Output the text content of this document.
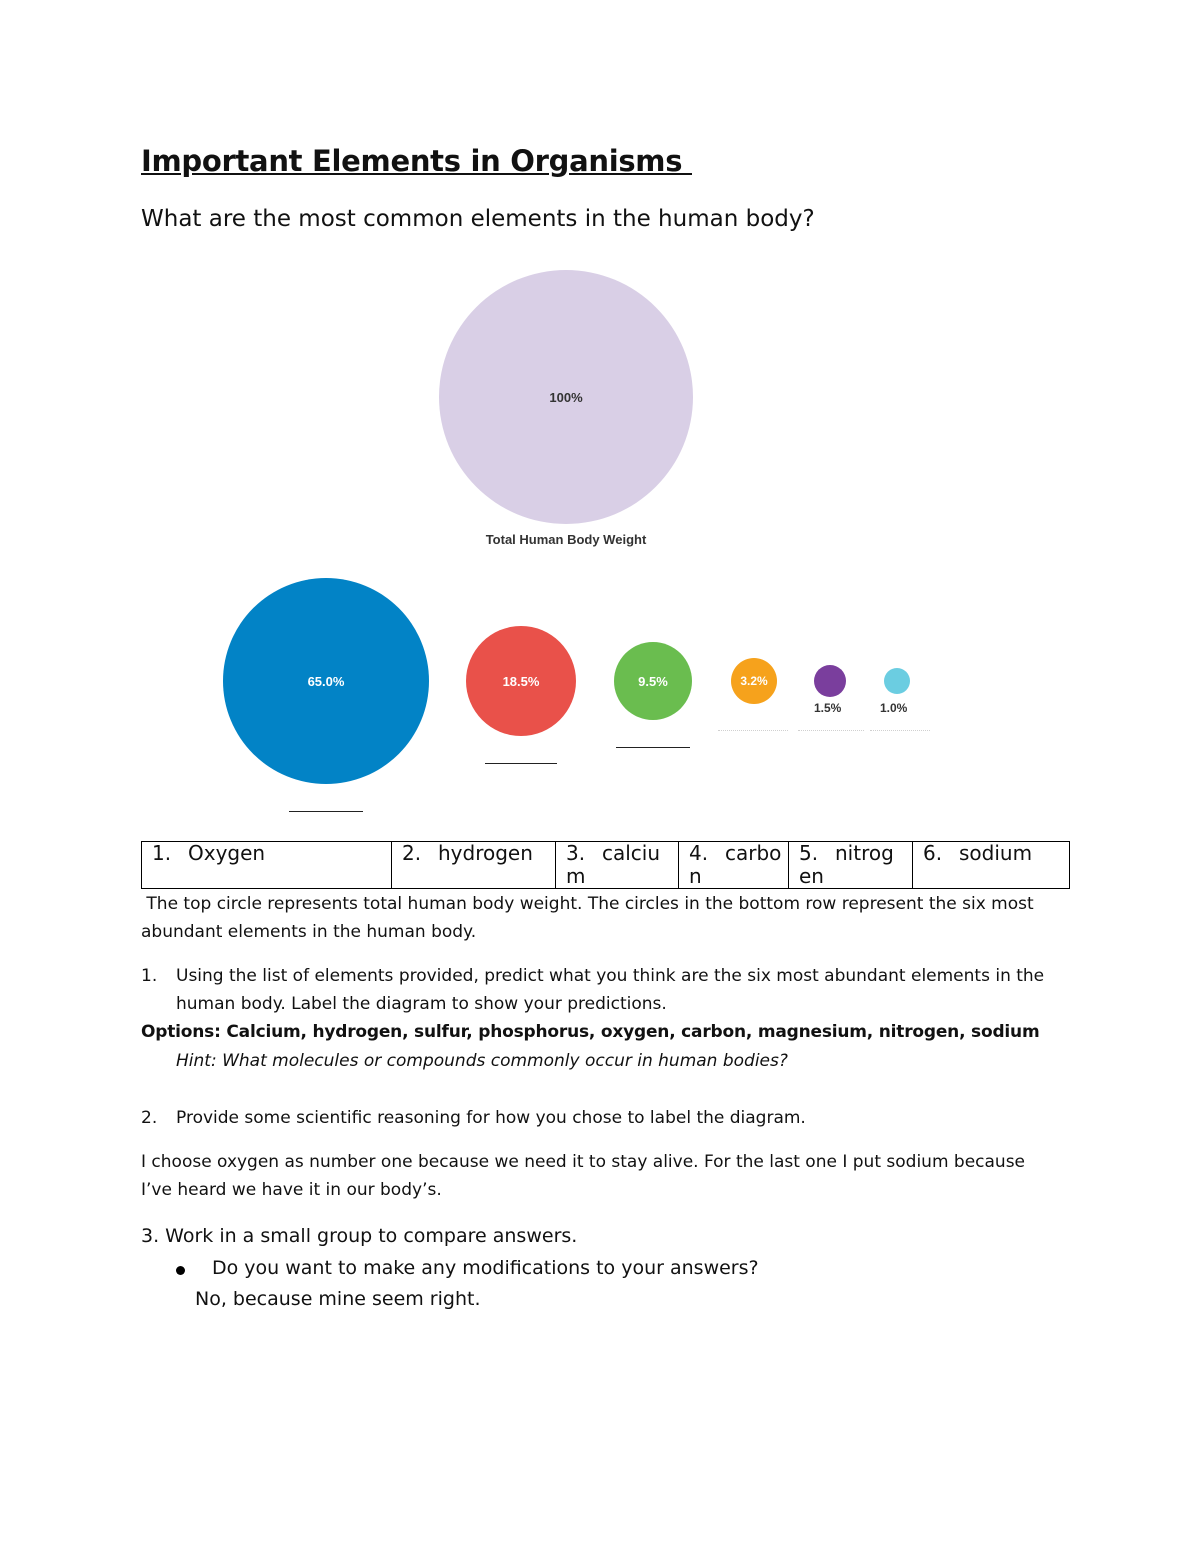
Important Elements in Organisms
What are the most common elements in the human body?
100%
Total Human Body Weight
65.0%	18.5%	9.5%	3.2%
1.5%	1.0%
1. Oxygen	2. hydrogen	3. calcium	4. carbon	5. nitrogen	6. sodium
The top circle represents total human body weight. The circles in the bottom row represent the six most abundant elements in the human body.
1. Using the list of elements provided, predict what you think are the six most abundant elements in the human body. Label the diagram to show your predictions.
Options: Calcium, hydrogen, sulfur, phosphorus, oxygen, carbon, magnesium, nitrogen, sodium
Hint: What molecules or compounds commonly occur in human bodies?
2. Provide some scientific reasoning for how you chose to label the diagram.
I choose oxygen as number one because we need it to stay alive. For the last one I put sodium because I’ve heard we have it in our body’s.
3. Work in a small group to compare answers.
Do you want to make any modifications to your answers?
No, because mine seem right.
